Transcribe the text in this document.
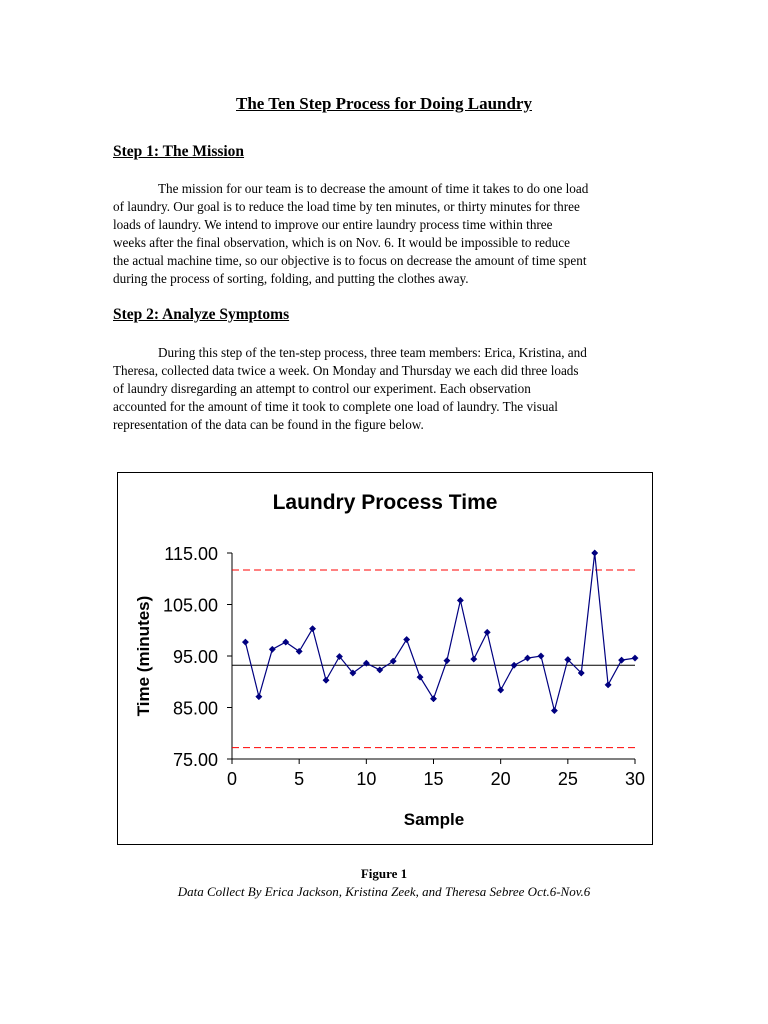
The Ten Step Process for Doing Laundry
Step 1: The Mission

The mission for our team is to decrease the amount of time it takes to do one load

of laundry. Our goal is to reduce the load time by ten minutes, or thirty minutes for three
loads of laundry. We intend to improve our entire laundry process time within three
weeks after the final observation, which is on Nov. 6. It would be impossible to reduce
the actual machine time, so our objective is to focus on decrease the amount of time spent
during the process of sorting, folding, and putting the clothes away.
Step 2: Analyze Symptoms

During this step of the ten-step process, three team members: Erica, Kristina, and

Theresa, collected data twice a week. On Monday and Thursday we each did three loads
of laundry disregarding an attempt to control our experiment. Each observation
accounted for the amount of time it took to complete one load of laundry. The visual
representation of the data can be found in the figure below.
Laundry Process Time
Sample
Time (minutes)
75.00
85.00
95.00
105.00
115.00
0	5	10	15	20	25	30
Figure 1
Data Collect By Erica Jackson, Kristina Zeek, and Theresa Sebree Oct.6-Nov.6
